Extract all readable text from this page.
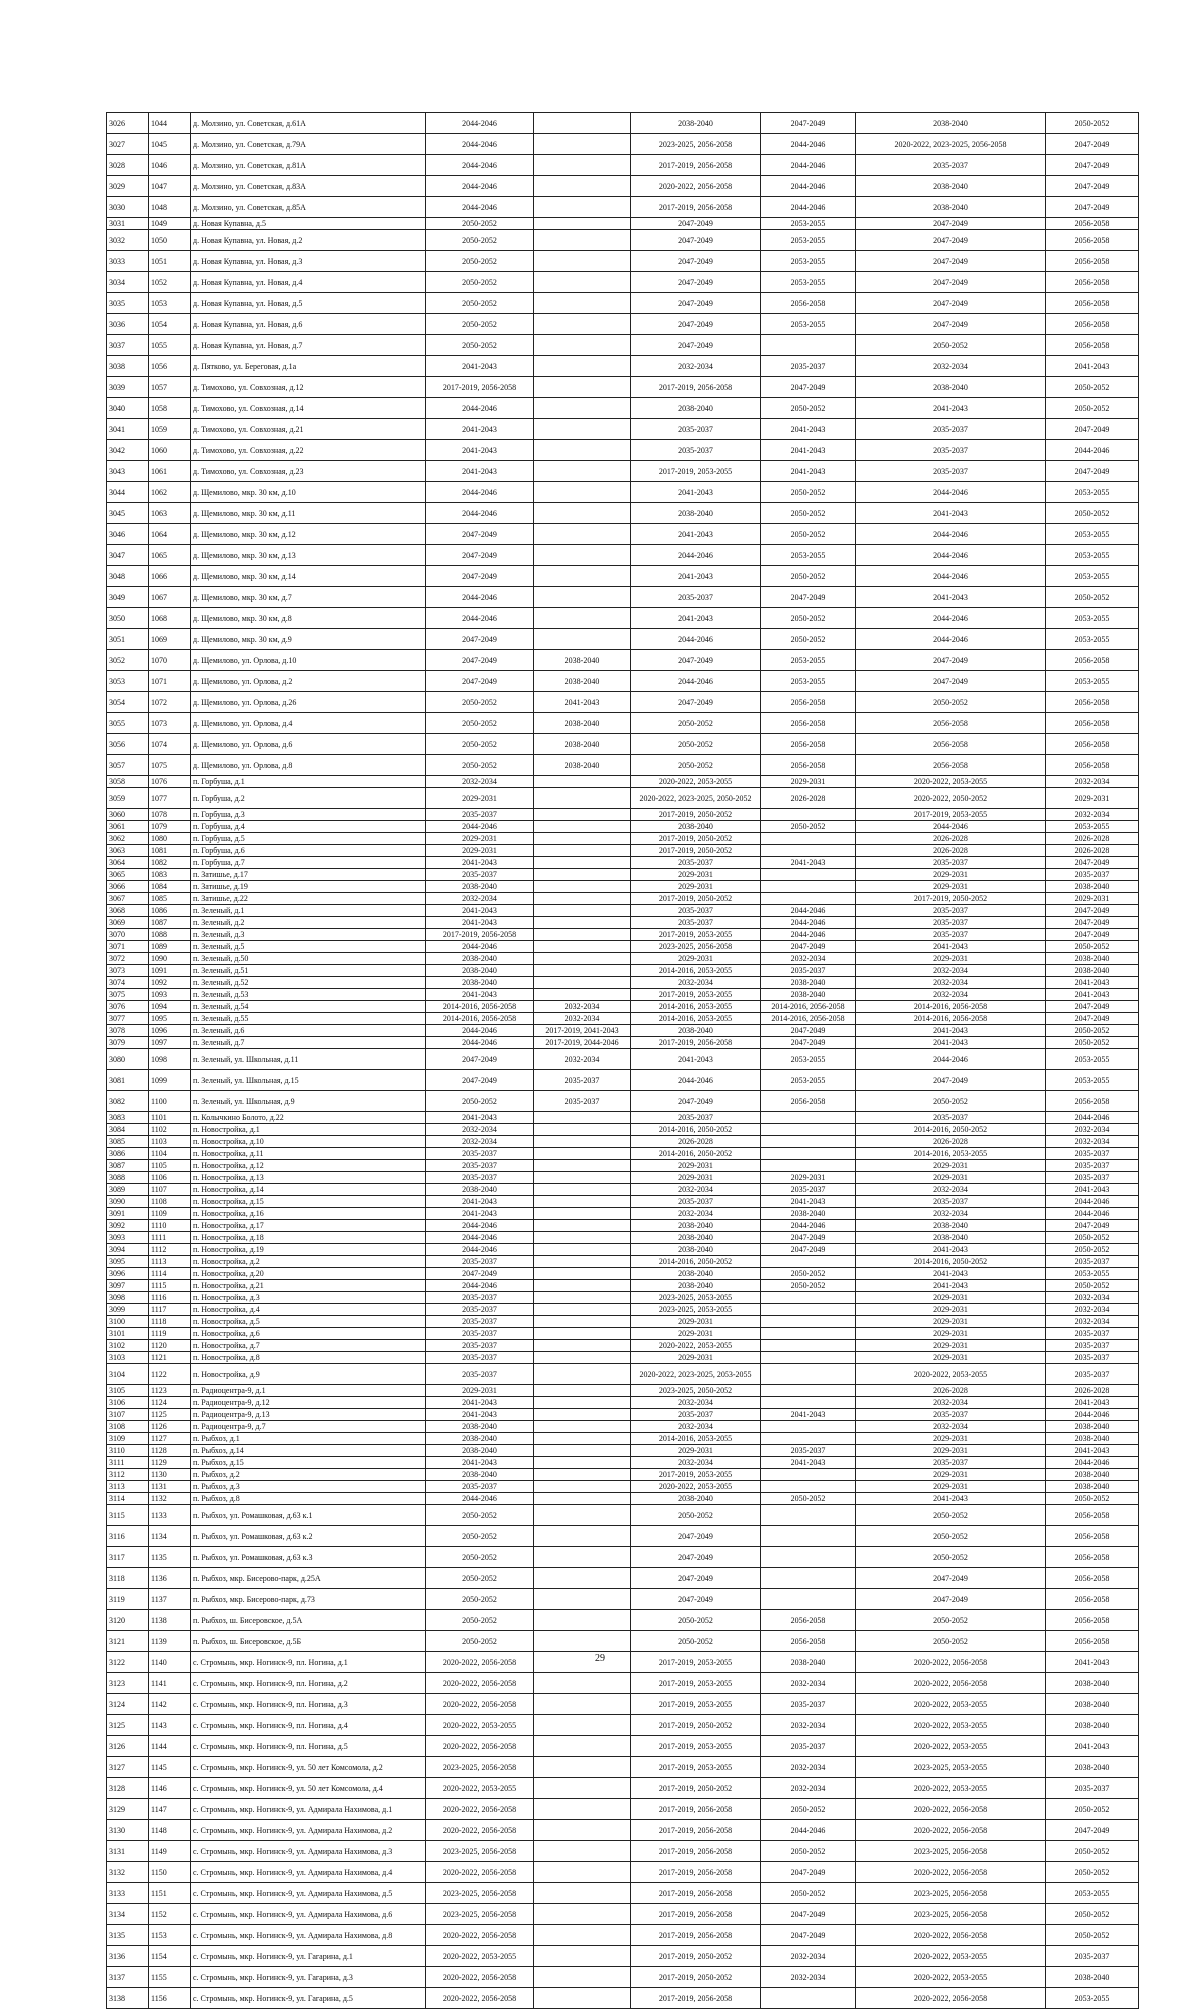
3026	1044	д. Молзино, ул. Советская, д.61А	2044-2046		2038-2040	2047-2049	2038-2040	2050-2052
3027	1045	д. Молзино, ул. Советская, д.79А	2044-2046		2023-2025, 2056-2058	2044-2046	2020-2022, 2023-2025, 2056-2058	2047-2049
3028	1046	д. Молзино, ул. Советская, д.81А	2044-2046		2017-2019, 2056-2058	2044-2046	2035-2037	2047-2049
3029	1047	д. Молзино, ул. Советская, д.83А	2044-2046		2020-2022, 2056-2058	2044-2046	2038-2040	2047-2049
3030	1048	д. Молзино, ул. Советская, д.85А	2044-2046		2017-2019, 2056-2058	2044-2046	2038-2040	2047-2049
3031	1049	д. Новая Купавна, д.5	2050-2052		2047-2049	2053-2055	2047-2049	2056-2058
3032	1050	д. Новая Купавна, ул. Новая, д.2	2050-2052		2047-2049	2053-2055	2047-2049	2056-2058
3033	1051	д. Новая Купавна, ул. Новая, д.3	2050-2052		2047-2049	2053-2055	2047-2049	2056-2058
3034	1052	д. Новая Купавна, ул. Новая, д.4	2050-2052		2047-2049	2053-2055	2047-2049	2056-2058
3035	1053	д. Новая Купавна, ул. Новая, д.5	2050-2052		2047-2049	2056-2058	2047-2049	2056-2058
3036	1054	д. Новая Купавна, ул. Новая, д.6	2050-2052		2047-2049	2053-2055	2047-2049	2056-2058
3037	1055	д. Новая Купавна, ул. Новая, д.7	2050-2052		2047-2049		2050-2052	2056-2058
3038	1056	д. Пятково, ул. Береговая, д.1а	2041-2043		2032-2034	2035-2037	2032-2034	2041-2043
3039	1057	д. Тимохово, ул. Совхозная, д.12	2017-2019, 2056-2058		2017-2019, 2056-2058	2047-2049	2038-2040	2050-2052
3040	1058	д. Тимохово, ул. Совхозная, д.14	2044-2046		2038-2040	2050-2052	2041-2043	2050-2052
3041	1059	д. Тимохово, ул. Совхозная, д.21	2041-2043		2035-2037	2041-2043	2035-2037	2047-2049
3042	1060	д. Тимохово, ул. Совхозная, д.22	2041-2043		2035-2037	2041-2043	2035-2037	2044-2046
3043	1061	д. Тимохово, ул. Совхозная, д.23	2041-2043		2017-2019, 2053-2055	2041-2043	2035-2037	2047-2049
3044	1062	д. Щемилово, мкр. 30 км, д.10	2044-2046		2041-2043	2050-2052	2044-2046	2053-2055
3045	1063	д. Щемилово, мкр. 30 км, д.11	2044-2046		2038-2040	2050-2052	2041-2043	2050-2052
3046	1064	д. Щемилово, мкр. 30 км, д.12	2047-2049		2041-2043	2050-2052	2044-2046	2053-2055
3047	1065	д. Щемилово, мкр. 30 км, д.13	2047-2049		2044-2046	2053-2055	2044-2046	2053-2055
3048	1066	д. Щемилово, мкр. 30 км, д.14	2047-2049		2041-2043	2050-2052	2044-2046	2053-2055
3049	1067	д. Щемилово, мкр. 30 км, д.7	2044-2046		2035-2037	2047-2049	2041-2043	2050-2052
3050	1068	д. Щемилово, мкр. 30 км, д.8	2044-2046		2041-2043	2050-2052	2044-2046	2053-2055
3051	1069	д. Щемилово, мкр. 30 км, д.9	2047-2049		2044-2046	2050-2052	2044-2046	2053-2055
3052	1070	д. Щемилово, ул. Орлова, д.10	2047-2049	2038-2040	2047-2049	2053-2055	2047-2049	2056-2058
3053	1071	д. Щемилово, ул. Орлова, д.2	2047-2049	2038-2040	2044-2046	2053-2055	2047-2049	2053-2055
3054	1072	д. Щемилово, ул. Орлова, д.26	2050-2052	2041-2043	2047-2049	2056-2058	2050-2052	2056-2058
3055	1073	д. Щемилово, ул. Орлова, д.4	2050-2052	2038-2040	2050-2052	2056-2058	2056-2058	2056-2058
3056	1074	д. Щемилово, ул. Орлова, д.6	2050-2052	2038-2040	2050-2052	2056-2058	2056-2058	2056-2058
3057	1075	д. Щемилово, ул. Орлова, д.8	2050-2052	2038-2040	2050-2052	2056-2058	2056-2058	2056-2058
3058	1076	п. Горбуша, д.1	2032-2034		2020-2022, 2053-2055	2029-2031	2020-2022, 2053-2055	2032-2034
3059	1077	п. Горбуша, д.2	2029-2031		2020-2022, 2023-2025, 2050-2052	2026-2028	2020-2022, 2050-2052	2029-2031
3060	1078	п. Горбуша, д.3	2035-2037		2017-2019, 2050-2052		2017-2019, 2053-2055	2032-2034
3061	1079	п. Горбуша, д.4	2044-2046		2038-2040	2050-2052	2044-2046	2053-2055
3062	1080	п. Горбуша, д.5	2029-2031		2017-2019, 2050-2052		2026-2028	2026-2028
3063	1081	п. Горбуша, д.6	2029-2031		2017-2019, 2050-2052		2026-2028	2026-2028
3064	1082	п. Горбуша, д.7	2041-2043		2035-2037	2041-2043	2035-2037	2047-2049
3065	1083	п. Затишье, д.17	2035-2037		2029-2031		2029-2031	2035-2037
3066	1084	п. Затишье, д.19	2038-2040		2029-2031		2029-2031	2038-2040
3067	1085	п. Затишье, д.22	2032-2034		2017-2019, 2050-2052		2017-2019, 2050-2052	2029-2031
3068	1086	п. Зеленый, д.1	2041-2043		2035-2037	2044-2046	2035-2037	2047-2049
3069	1087	п. Зеленый, д.2	2041-2043		2035-2037	2044-2046	2035-2037	2047-2049
3070	1088	п. Зеленый, д.3	2017-2019, 2056-2058		2017-2019, 2053-2055	2044-2046	2035-2037	2047-2049
3071	1089	п. Зеленый, д.5	2044-2046		2023-2025, 2056-2058	2047-2049	2041-2043	2050-2052
3072	1090	п. Зеленый, д.50	2038-2040		2029-2031	2032-2034	2029-2031	2038-2040
3073	1091	п. Зеленый, д.51	2038-2040		2014-2016, 2053-2055	2035-2037	2032-2034	2038-2040
3074	1092	п. Зеленый, д.52	2038-2040		2032-2034	2038-2040	2032-2034	2041-2043
3075	1093	п. Зеленый, д.53	2041-2043		2017-2019, 2053-2055	2038-2040	2032-2034	2041-2043
3076	1094	п. Зеленый, д.54	2014-2016, 2056-2058	2032-2034	2014-2016, 2053-2055	2014-2016, 2056-2058	2014-2016, 2056-2058	2047-2049
3077	1095	п. Зеленый, д.55	2014-2016, 2056-2058	2032-2034	2014-2016, 2053-2055	2014-2016, 2056-2058	2014-2016, 2056-2058	2047-2049
3078	1096	п. Зеленый, д.6	2044-2046	2017-2019, 2041-2043	2038-2040	2047-2049	2041-2043	2050-2052
3079	1097	п. Зеленый, д.7	2044-2046	2017-2019, 2044-2046	2017-2019, 2056-2058	2047-2049	2041-2043	2050-2052
3080	1098	п. Зеленый, ул. Школьная, д.11	2047-2049	2032-2034	2041-2043	2053-2055	2044-2046	2053-2055
3081	1099	п. Зеленый, ул. Школьная, д.15	2047-2049	2035-2037	2044-2046	2053-2055	2047-2049	2053-2055
3082	1100	п. Зеленый, ул. Школьная, д.9	2050-2052	2035-2037	2047-2049	2056-2058	2050-2052	2056-2058
3083	1101	п. Колычкино Болото, д.22	2041-2043		2035-2037		2035-2037	2044-2046
3084	1102	п. Новостройка, д.1	2032-2034		2014-2016, 2050-2052		2014-2016, 2050-2052	2032-2034
3085	1103	п. Новостройка, д.10	2032-2034		2026-2028		2026-2028	2032-2034
3086	1104	п. Новостройка, д.11	2035-2037		2014-2016, 2050-2052		2014-2016, 2053-2055	2035-2037
3087	1105	п. Новостройка, д.12	2035-2037		2029-2031		2029-2031	2035-2037
3088	1106	п. Новостройка, д.13	2035-2037		2029-2031	2029-2031	2029-2031	2035-2037
3089	1107	п. Новостройка, д.14	2038-2040		2032-2034	2035-2037	2032-2034	2041-2043
3090	1108	п. Новостройка, д.15	2041-2043		2035-2037	2041-2043	2035-2037	2044-2046
3091	1109	п. Новостройка, д.16	2041-2043		2032-2034	2038-2040	2032-2034	2044-2046
3092	1110	п. Новостройка, д.17	2044-2046		2038-2040	2044-2046	2038-2040	2047-2049
3093	1111	п. Новостройка, д.18	2044-2046		2038-2040	2047-2049	2038-2040	2050-2052
3094	1112	п. Новостройка, д.19	2044-2046		2038-2040	2047-2049	2041-2043	2050-2052
3095	1113	п. Новостройка, д.2	2035-2037		2014-2016, 2050-2052		2014-2016, 2050-2052	2035-2037
3096	1114	п. Новостройка, д.20	2047-2049		2038-2040	2050-2052	2041-2043	2053-2055
3097	1115	п. Новостройка, д.21	2044-2046		2038-2040	2050-2052	2041-2043	2050-2052
3098	1116	п. Новостройка, д.3	2035-2037		2023-2025, 2053-2055		2029-2031	2032-2034
3099	1117	п. Новостройка, д.4	2035-2037		2023-2025, 2053-2055		2029-2031	2032-2034
3100	1118	п. Новостройка, д.5	2035-2037		2029-2031		2029-2031	2032-2034
3101	1119	п. Новостройка, д.6	2035-2037		2029-2031		2029-2031	2035-2037
3102	1120	п. Новостройка, д.7	2035-2037		2020-2022, 2053-2055		2029-2031	2035-2037
3103	1121	п. Новостройка, д.8	2035-2037		2029-2031		2029-2031	2035-2037
3104	1122	п. Новостройка, д.9	2035-2037		2020-2022, 2023-2025, 2053-2055		2020-2022, 2053-2055	2035-2037
3105	1123	п. Радиоцентра-9, д.1	2029-2031		2023-2025, 2050-2052		2026-2028	2026-2028
3106	1124	п. Радиоцентра-9, д.12	2041-2043		2032-2034		2032-2034	2041-2043
3107	1125	п. Радиоцентра-9, д.13	2041-2043		2035-2037	2041-2043	2035-2037	2044-2046
3108	1126	п. Радиоцентра-9, д.7	2038-2040		2032-2034		2032-2034	2038-2040
3109	1127	п. Рыбхоз, д.1	2038-2040		2014-2016, 2053-2055		2029-2031	2038-2040
3110	1128	п. Рыбхоз, д.14	2038-2040		2029-2031	2035-2037	2029-2031	2041-2043
3111	1129	п. Рыбхоз, д.15	2041-2043		2032-2034	2041-2043	2035-2037	2044-2046
3112	1130	п. Рыбхоз, д.2	2038-2040		2017-2019, 2053-2055		2029-2031	2038-2040
3113	1131	п. Рыбхоз, д.3	2035-2037		2020-2022, 2053-2055		2029-2031	2038-2040
3114	1132	п. Рыбхоз, д.8	2044-2046		2038-2040	2050-2052	2041-2043	2050-2052
3115	1133	п. Рыбхоз, ул. Ромашковая, д.63 к.1	2050-2052		2050-2052		2050-2052	2056-2058
3116	1134	п. Рыбхоз, ул. Ромашковая, д.63 к.2	2050-2052		2047-2049		2050-2052	2056-2058
3117	1135	п. Рыбхоз, ул. Ромашковая, д.63 к.3	2050-2052		2047-2049		2050-2052	2056-2058
3118	1136	п. Рыбхоз, мкр. Бисерово-парк, д.25А	2050-2052		2047-2049		2047-2049	2056-2058
3119	1137	п. Рыбхоз, мкр. Бисерово-парк, д.73	2050-2052		2047-2049		2047-2049	2056-2058
3120	1138	п. Рыбхоз, ш. Бисеровское, д.5А	2050-2052		2050-2052	2056-2058	2050-2052	2056-2058
3121	1139	п. Рыбхоз, ш. Бисеровское, д.5Б	2050-2052		2050-2052	2056-2058	2050-2052	2056-2058
3122	1140	с. Стромынь, мкр. Ногинск-9, пл. Ногина, д.1	2020-2022, 2056-2058		2017-2019, 2053-2055	2038-2040	2020-2022, 2056-2058	2041-2043
3123	1141	с. Стромынь, мкр. Ногинск-9, пл. Ногина, д.2	2020-2022, 2056-2058		2017-2019, 2053-2055	2032-2034	2020-2022, 2056-2058	2038-2040
3124	1142	с. Стромынь, мкр. Ногинск-9, пл. Ногина, д.3	2020-2022, 2056-2058		2017-2019, 2053-2055	2035-2037	2020-2022, 2053-2055	2038-2040
3125	1143	с. Стромынь, мкр. Ногинск-9, пл. Ногина, д.4	2020-2022, 2053-2055		2017-2019, 2050-2052	2032-2034	2020-2022, 2053-2055	2038-2040
3126	1144	с. Стромынь, мкр. Ногинск-9, пл. Ногина, д.5	2020-2022, 2056-2058		2017-2019, 2053-2055	2035-2037	2020-2022, 2053-2055	2041-2043
3127	1145	с. Стромынь, мкр. Ногинск-9, ул. 50 лет Комсомола, д.2	2023-2025, 2056-2058		2017-2019, 2053-2055	2032-2034	2023-2025, 2053-2055	2038-2040
3128	1146	с. Стромынь, мкр. Ногинск-9, ул. 50 лет Комсомола, д.4	2020-2022, 2053-2055		2017-2019, 2050-2052	2032-2034	2020-2022, 2053-2055	2035-2037
3129	1147	с. Стромынь, мкр. Ногинск-9, ул. Адмирала Нахимова, д.1	2020-2022, 2056-2058		2017-2019, 2056-2058	2050-2052	2020-2022, 2056-2058	2050-2052
3130	1148	с. Стромынь, мкр. Ногинск-9, ул. Адмирала Нахимова, д.2	2020-2022, 2056-2058		2017-2019, 2056-2058	2044-2046	2020-2022, 2056-2058	2047-2049
3131	1149	с. Стромынь, мкр. Ногинск-9, ул. Адмирала Нахимова, д.3	2023-2025, 2056-2058		2017-2019, 2056-2058	2050-2052	2023-2025, 2056-2058	2050-2052
3132	1150	с. Стромынь, мкр. Ногинск-9, ул. Адмирала Нахимова, д.4	2020-2022, 2056-2058		2017-2019, 2056-2058	2047-2049	2020-2022, 2056-2058	2050-2052
3133	1151	с. Стромынь, мкр. Ногинск-9, ул. Адмирала Нахимова, д.5	2023-2025, 2056-2058		2017-2019, 2056-2058	2050-2052	2023-2025, 2056-2058	2053-2055
3134	1152	с. Стромынь, мкр. Ногинск-9, ул. Адмирала Нахимова, д.6	2023-2025, 2056-2058		2017-2019, 2056-2058	2047-2049	2023-2025, 2056-2058	2050-2052
3135	1153	с. Стромынь, мкр. Ногинск-9, ул. Адмирала Нахимова, д.8	2020-2022, 2056-2058		2017-2019, 2056-2058	2047-2049	2020-2022, 2056-2058	2050-2052
3136	1154	с. Стромынь, мкр. Ногинск-9, ул. Гагарина, д.1	2020-2022, 2053-2055		2017-2019, 2050-2052	2032-2034	2020-2022, 2053-2055	2035-2037
3137	1155	с. Стромынь, мкр. Ногинск-9, ул. Гагарина, д.3	2020-2022, 2056-2058		2017-2019, 2050-2052	2032-2034	2020-2022, 2053-2055	2038-2040
3138	1156	с. Стромынь, мкр. Ногинск-9, ул. Гагарина, д.5	2020-2022, 2056-2058		2017-2019, 2056-2058		2020-2022, 2056-2058	2053-2055
29
